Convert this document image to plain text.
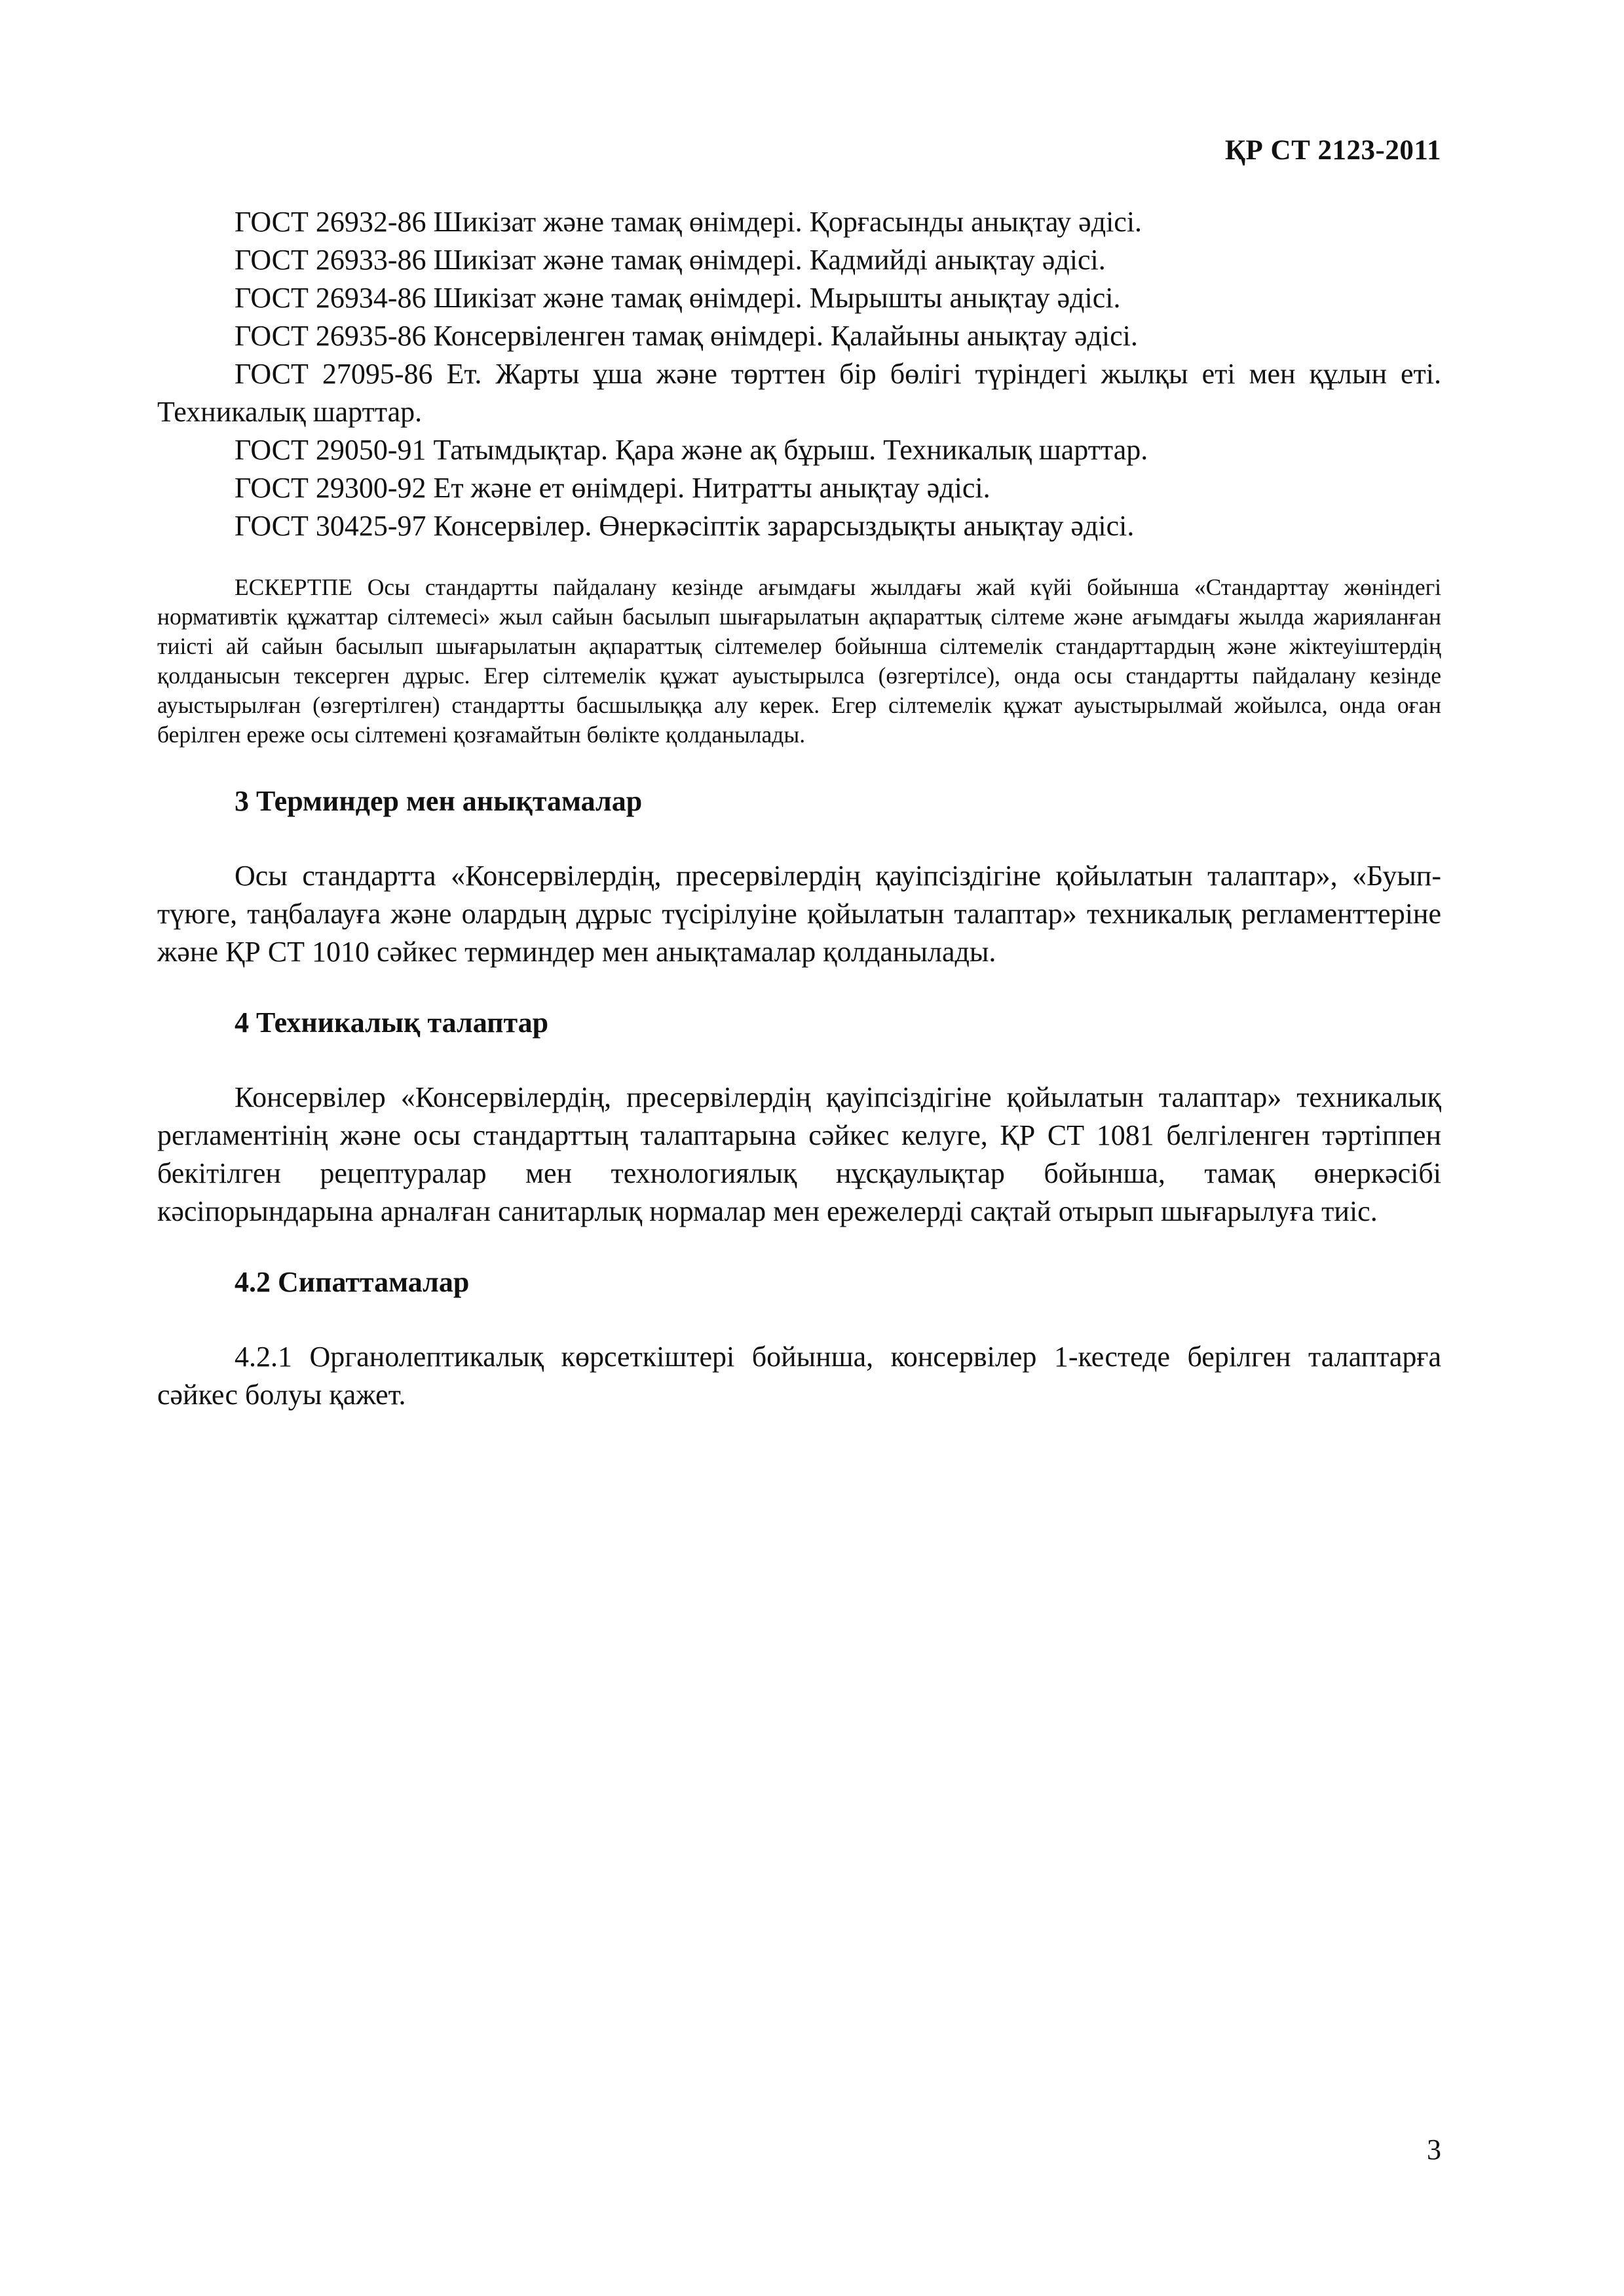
ҚР СТ 2123-2011

ГОСТ 26932-86 Шикізат және тамақ өнімдері. Қорғасынды анықтау әдісі.

ГОСТ 26933-86 Шикізат және тамақ өнімдері. Кадмийді анықтау әдісі.

ГОСТ 26934-86 Шикізат және тамақ өнімдері. Мырышты анықтау әдісі.

ГОСТ 26935-86 Консервіленген тамақ өнімдері. Қалайыны анықтау әдісі.

ГОСТ 27095-86 Ет. Жарты ұша және төрттен бір бөлігі түріндегі жылқы еті мен құлын еті. Техникалық шарттар.

ГОСТ 29050-91 Татымдықтар. Қара және ақ бұрыш. Техникалық шарттар.

ГОСТ 29300-92 Ет және ет өнімдері. Нитратты анықтау әдісі.

ГОСТ 30425-97 Консервілер. Өнеркәсіптік зарарсыздықты анықтау әдісі.

ЕСКЕРТПЕ Осы стандартты пайдалану кезінде ағымдағы жылдағы жай күйі бойынша «Стандарттау жөніндегі нормативтік құжаттар сілтемесі» жыл сайын басылып шығарылатын ақпараттық сілтеме және ағымдағы жылда жарияланған тиісті ай сайын басылып шығарылатын ақпараттық сілтемелер бойынша сілтемелік стандарттардың және жіктеуіштердің қолданысын тексерген дұрыс. Егер сілтемелік құжат ауыстырылса (өзгертілсе), онда осы стандартты пайдалану кезінде ауыстырылған (өзгертілген) стандартты басшылыққа алу керек. Егер сілтемелік құжат ауыстырылмай жойылса, онда оған берілген ереже осы сілтемені қозғамайтын бөлікте қолданылады.

3 Терминдер мен анықтамалар

Осы стандартта «Консервілердің, пресервілердің қауіпсіздігіне қойылатын талаптар», «Буып-түюге, таңбалауға және олардың дұрыс түсірілуіне қойылатын талаптар» техникалық регламенттеріне және ҚР СТ 1010 сәйкес терминдер мен анықтамалар қолданылады.

4 Техникалық талаптар

Консервілер «Консервілердің, пресервілердің қауіпсіздігіне қойылатын талаптар» техникалық регламентінің және осы стандарттың талаптарына сәйкес келуге, ҚР СТ 1081 белгіленген тәртіппен бекітілген рецептуралар мен технологиялық нұсқаулықтар бойынша, тамақ өнеркәсібі кәсіпорындарына арналған санитарлық нормалар мен ережелерді сақтай отырып шығарылуға тиіс.

4.2 Сипаттамалар

4.2.1 Органолептикалық көрсеткіштері бойынша, консервілер 1-кестеде берілген талаптарға сәйкес болуы қажет.

3
